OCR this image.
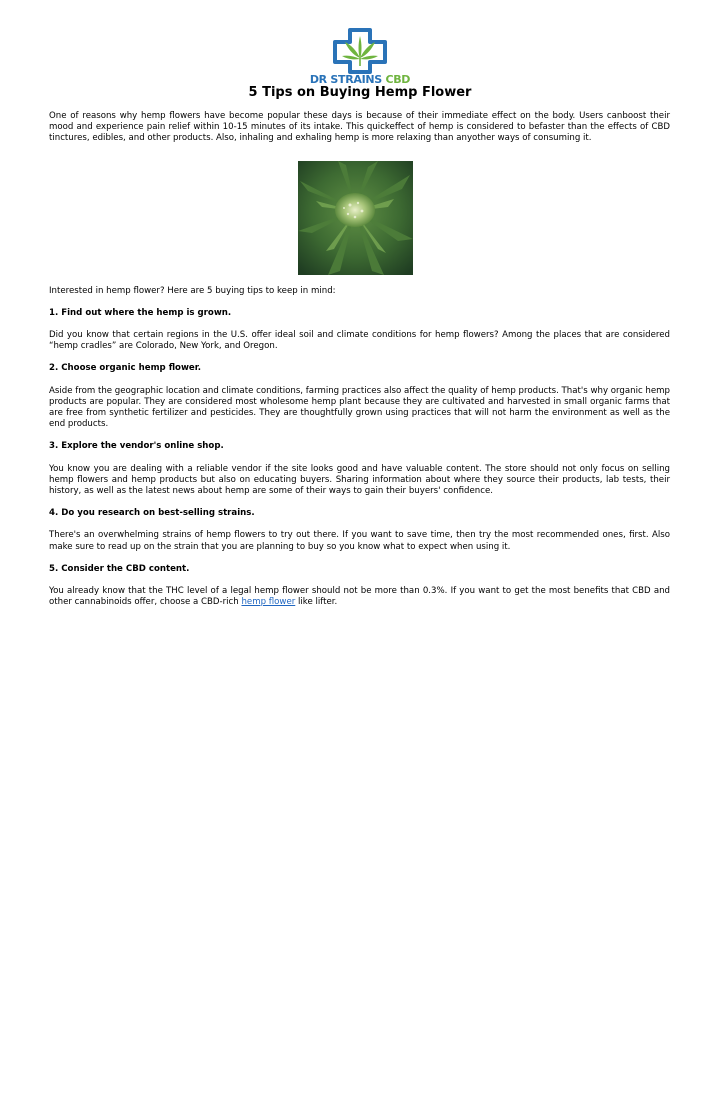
DR STRAINS CBD
5 Tips on Buying Hemp Flower

One of reasons why hemp flowers have become popular these days is because of their immediate effect on the body. Users canboost their mood and experience pain relief within 10-15 minutes of its intake. This quickeffect of hemp is considered to befaster than the effects of CBD tinctures, edibles, and other products. Also, inhaling and exhaling hemp is more relaxing than anyother ways of consuming it.

Interested in hemp flower? Here are 5 buying tips to keep in mind:

1. Find out where the hemp is grown.

Did you know that certain regions in the U.S. offer ideal soil and climate conditions for hemp flowers? Among the places that are considered “hemp cradles” are Colorado, New York, and Oregon.

2. Choose organic hemp flower.

Aside from the geographic location and climate conditions, farming practices also affect the quality of hemp products. That's why organic hemp products are popular. They are considered most wholesome hemp plant because they are cultivated and harvested in small organic farms that are free from synthetic fertilizer and pesticides. They are thoughtfully grown using practices that will not harm the environment as well as the end products.

3. Explore the vendor's online shop.

You know you are dealing with a reliable vendor if the site looks good and have valuable content. The store should not only focus on selling hemp flowers and hemp products but also on educating buyers. Sharing information about where they source their products, lab tests, their history, as well as the latest news about hemp are some of their ways to gain their buyers' confidence.

4. Do you research on best-selling strains.

There's an overwhelming strains of hemp flowers to try out there. If you want to save time, then try the most recommended ones, first. Also make sure to read up on the strain that you are planning to buy so you know what to expect when using it.

5. Consider the CBD content.

You already know that the THC level of a legal hemp flower should not be more than 0.3%. If you want to get the most benefits that CBD and other cannabinoids offer, choose a CBD-rich hemp flower like lifter.
